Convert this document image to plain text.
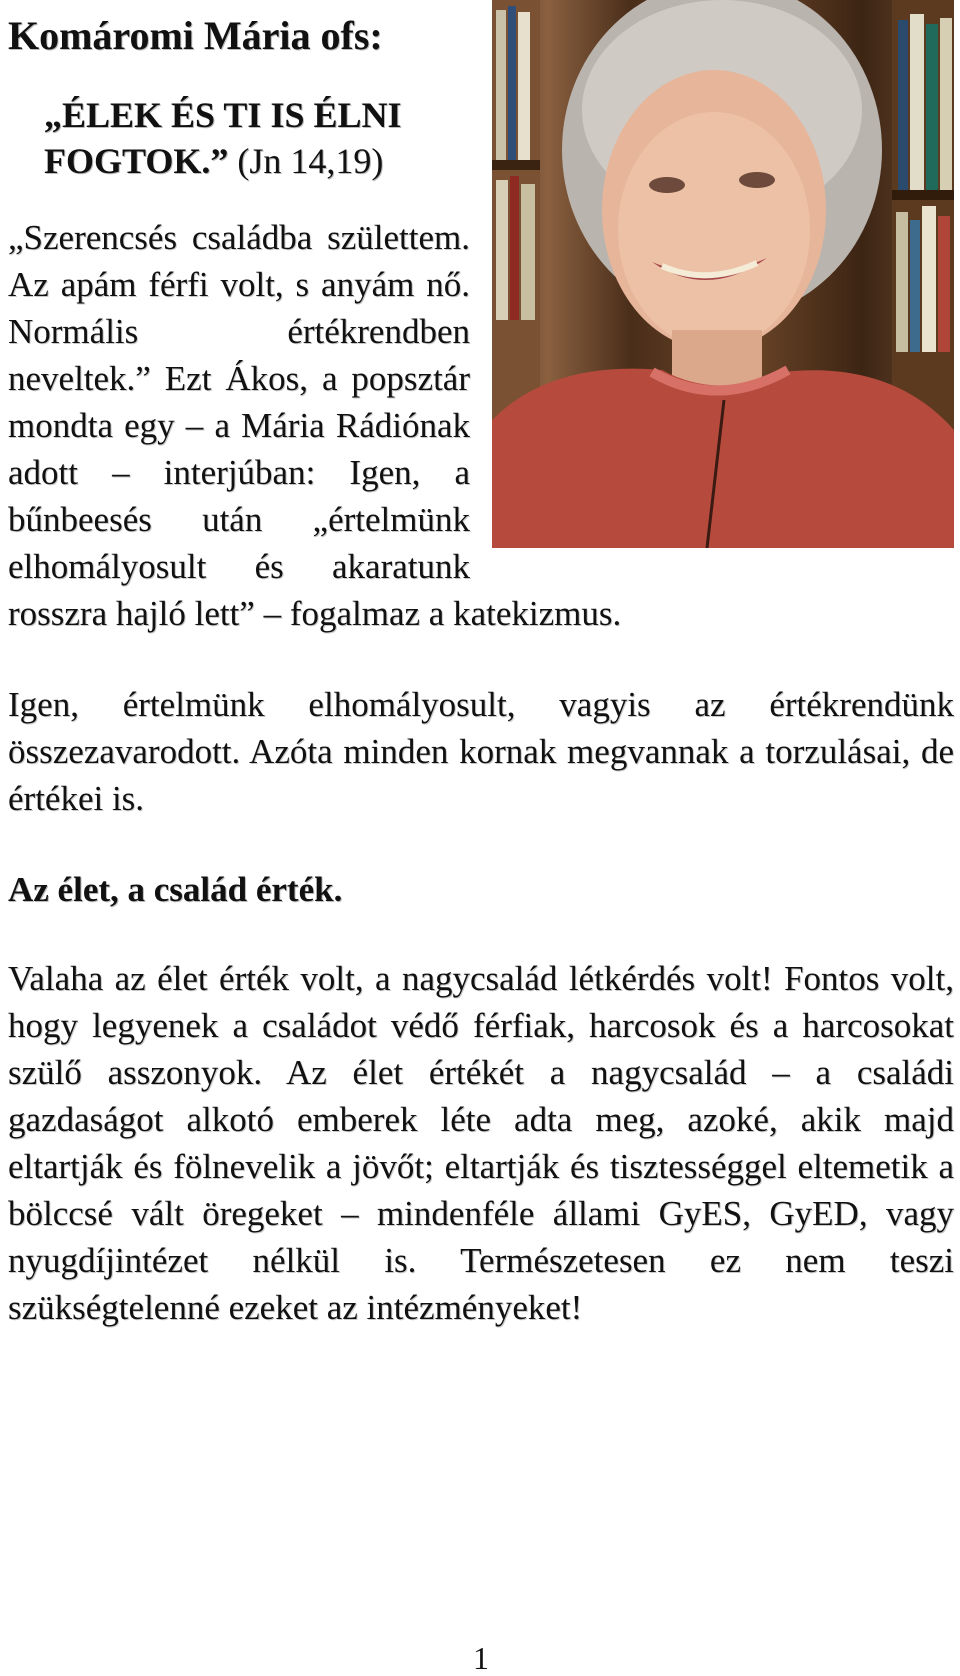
Komáromi Mária ofs:
„ÉLEK ÉS TI IS ÉLNI FOGTOK.” (Jn 14,19)

„Szerencsés családba születtem. Az apám férfi volt, s anyám nő. Normális értékrendben neveltek.” Ezt Ákos, a popsztár mondta egy – a Mária Rádiónak adott – interjúban: Igen, a bűnbeesés után „értelmünk elhomályosult és akaratunk rosszra hajló lett” – fogalmaz a katekizmus.

Igen, értelmünk elhomályosult, vagyis az értékrendünk összezavarodott. Azóta minden kornak megvannak a torzulásai, de értékei is.

Az élet, a család érték.

Valaha az élet érték volt, a nagycsalád létkérdés volt! Fontos volt, hogy legyenek a családot védő férfiak, harcosok és a harcosokat szülő asszonyok. Az élet értékét a nagycsalád – a családi gazdaságot alkotó emberek léte adta meg, azoké, akik majd eltartják és fölnevelik a jövőt; eltartják és tisztességgel eltemetik a bölccsé vált öregeket – mindenféle állami GyES, GyED, vagy nyugdíjintézet nélkül is. Természetesen ez nem teszi szükségtelenné ezeket az intézményeket!

1
